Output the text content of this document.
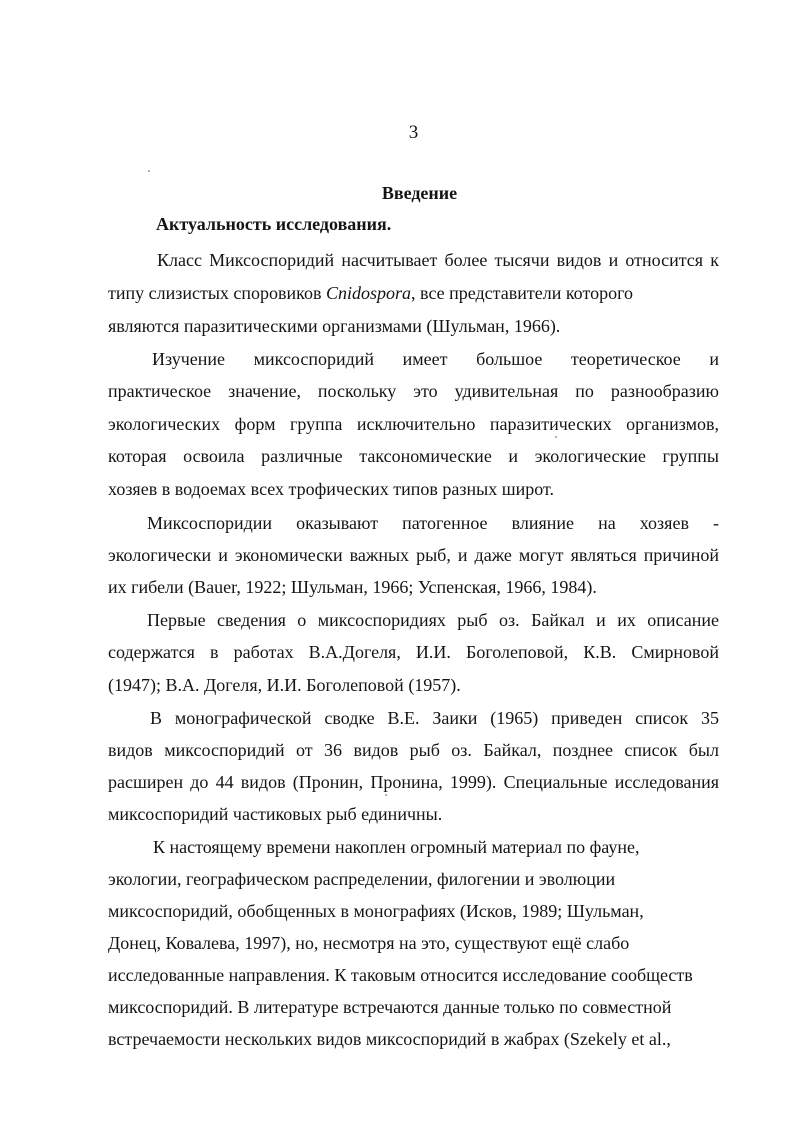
3
Введение
Актуальность исследования.
Класс Миксоспоридий насчитывает более тысячи видов и относится к
типу слизистых споровиков Cnidospora, все представители которого
являются паразитическими организмами (Шульман, 1966).
Изучение миксоспоридий имеет большое теоретическое и
практическое значение, поскольку это удивительная по разнообразию
экологических форм группа исключительно паразитических организмов,
которая освоила различные таксономические и экологические группы
хозяев в водоемах всех трофических типов разных широт.
Миксоспоридии оказывают патогенное влияние на хозяев -
экологически и экономически важных рыб, и даже могут являться причиной
их гибели (Bauer, 1922; Шульман, 1966; Успенская, 1966, 1984).
Первые сведения о миксоспоридиях рыб оз. Байкал и их описание
содержатся в работах В.А.Догеля, И.И. Боголеповой, К.В. Смирновой
(1947); В.А. Догеля, И.И. Боголеповой (1957).
В монографической сводке В.Е. Заики (1965) приведен список 35
видов миксоспоридий от 36 видов рыб оз. Байкал, позднее список был
расширен до 44 видов (Пронин, Пронина, 1999). Специальные исследования
миксоспоридий частиковых рыб единичны.
К настоящему времени накоплен огромный материал по фауне,
экологии, географическом распределении, филогении и эволюции
миксоспоридий, обобщенных в монографиях (Исков, 1989; Шульман,
Донец, Ковалева, 1997), но, несмотря на это, существуют ещё слабо
исследованные направления. К таковым относится исследование сообществ
миксоспоридий. В литературе встречаются данные только по совместной
встречаемости нескольких видов миксоспоридий в жабрах (Szekely et al.,
